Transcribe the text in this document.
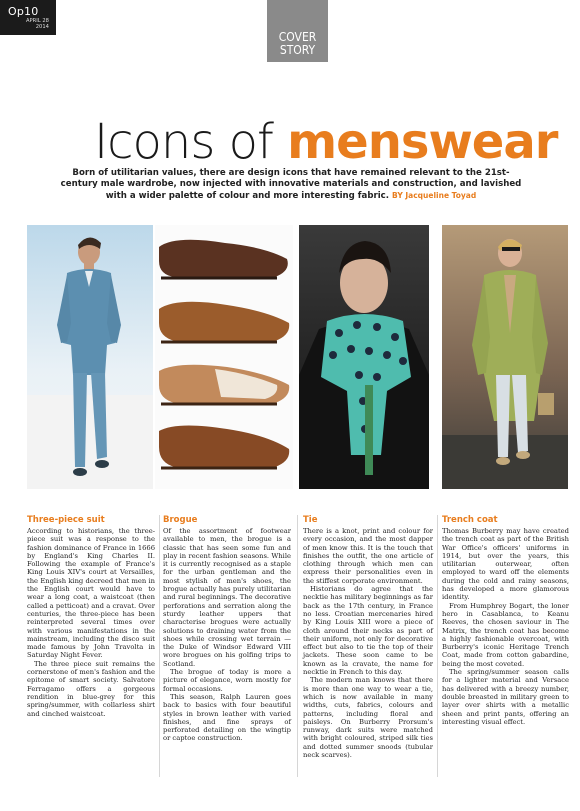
Op10
APRIL 28
2014
COVER
STORY
Icons of menswear
Born of utilitarian values, there are design icons that have remained relevant to the 21st-century male wardrobe, now injected with innovative materials and construction, and lavished with a wider palette of colour and more interesting fabric. BY Jacqueline Toyad
Three-piece suit

According to historians, the three-piece suit was a response to the fashion dominance of France in 1666 by England's King Charles II. Following the example of France's King Louis XIV's court at Versailles, the English king decreed that men in the English court would have to wear a long coat, a waistcoat (then called a petticoat) and a cravat. Over centuries, the three-piece has been reinterpreted several times over with various manifestations in the mainstream, including the disco suit made famous by John Travolta in Saturday Night Fever.

The three piece suit remains the cornerstone of men's fashion and the epitome of smart society. Salvatore Ferragamo offers a gorgeous rendition in blue-grey for this spring/summer, with collarless shirt and cinched waistcoat.

Brogue

Of the assortment of footwear available to men, the brogue is a classic that has seen some fun and play in recent fashion seasons. While it is currently recognised as a staple for the urban gentleman and the most stylish of men's shoes, the brogue actually has purely utilitarian and rural beginnings. The decorative perforations and serration along the sturdy leather uppers that characterise brogues were actually solutions to draining water from the shoes while crossing wet terrain — the Duke of Windsor Edward VIII wore brogues on his golfing trips to Scotland.

The brogue of today is more a picture of elegance, worn mostly for formal occasions.

This season, Ralph Lauren goes back to basics with four beautiful styles in brown leather with varied finishes, and fine sprays of perforated detailing on the wingtip or captoe construction.

Tie

There is a knot, print and colour for every occasion, and the most dapper of men know this. It is the touch that finishes the outfit, the one article of clothing through which men can express their personalities even in the stiffest corporate environment.

Historians do agree that the necktie has military beginnings as far back as the 17th century, in France no less. Croatian mercenaries hired by King Louis XIII wore a piece of cloth around their necks as part of their uniform, not only for decorative effect but also to tie the top of their jackets. These soon came to be known as la cravate, the name for necktie in French to this day.

The modern man knows that there is more than one way to wear a tie, which is now available in many widths, cuts, fabrics, colours and patterns, including floral and paisleys. On Burberry Prorsum's runway, dark suits were matched with bright coloured, striped silk ties and dotted summer snoods (tubular neck scarves).

Trench coat

Thomas Burberry may have created the trench coat as part of the British War Office's officers' uniforms in 1914, but over the years, this utilitarian outerwear, often employed to ward off the elements during the cold and rainy seasons, has developed a more glamorous identity.

From Humphrey Bogart, the loner hero in Casablanca, to Keanu Reeves, the chosen saviour in The Matrix, the trench coat has become a highly fashionable overcoat, with Burberry's iconic Heritage Trench Coat, made from cotton gabardine, being the most coveted.

The spring/summer season calls for a lighter material and Versace has delivered with a breezy number, double breasted in military green to layer over shirts with a metallic sheen and print pants, offering an interesting visual effect.
